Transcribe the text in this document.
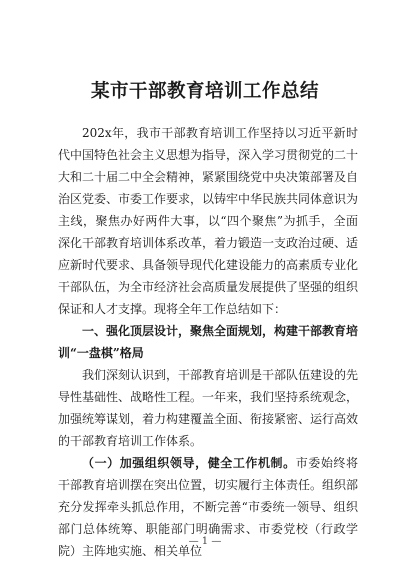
某市干部教育培训工作总结

202x年，我市干部教育培训工作坚持以习近平新时代中国特色社会主义思想为指导，深入学习贯彻党的二十大和二十届二中全会精神，紧紧围绕党中央决策部署及自治区党委、市委工作要求，以铸牢中华民族共同体意识为主线，聚焦办好两件大事，以“四个聚焦”为抓手，全面深化干部教育培训体系改革，着力锻造一支政治过硬、适应新时代要求、具备领导现代化建设能力的高素质专业化干部队伍，为全市经济社会高质量发展提供了坚强的组织保证和人才支撑。现将全年工作总结如下：

一、强化顶层设计，聚焦全面规划，构建干部教育培训“一盘棋”格局

我们深刻认识到，干部教育培训是干部队伍建设的先导性基础性、战略性工程。一年来，我们坚持系统观念，加强统筹谋划，着力构建覆盖全面、衔接紧密、运行高效的干部教育培训工作体系。

（一）加强组织领导，健全工作机制。市委始终将干部教育培训摆在突出位置，切实履行主体责任。组织部充分发挥牵头抓总作用，不断完善“市委统一领导、组织部门总体统筹、职能部门明确需求、市委党校（行政学院）主阵地实施、相关单位

— 1 —
